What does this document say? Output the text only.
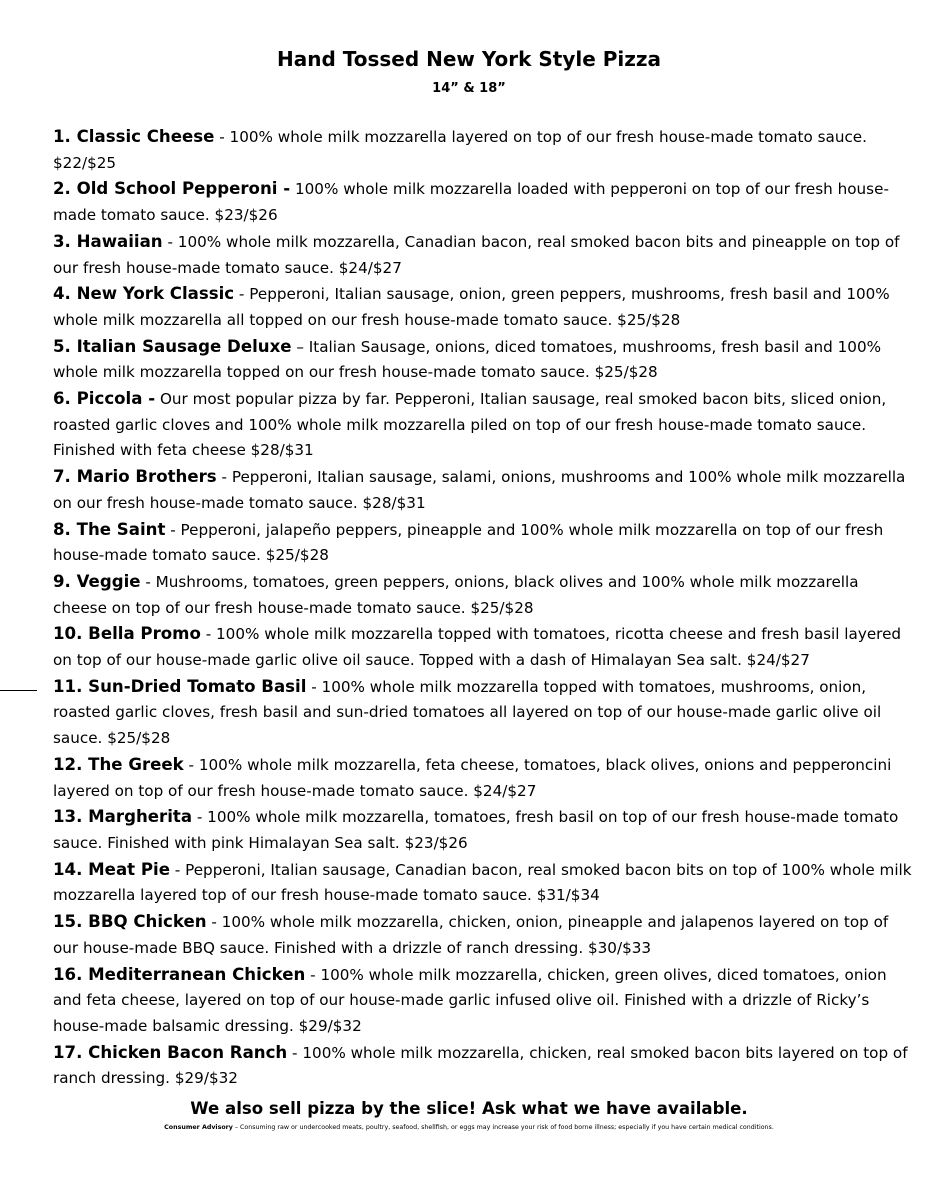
Hand Tossed New York Style Pizza
14” & 18”
1. Classic Cheese - 100% whole milk mozzarella layered on top of our fresh house-made tomato sauce. $22/$25
2. Old School Pepperoni - 100% whole milk mozzarella loaded with pepperoni on top of our fresh house-made tomato sauce. $23/$26
3. Hawaiian - 100% whole milk mozzarella, Canadian bacon, real smoked bacon bits and pineapple on top of our fresh house-made tomato sauce. $24/$27
4. New York Classic - Pepperoni, Italian sausage, onion, green peppers, mushrooms, fresh basil and 100% whole milk mozzarella all topped on our fresh house-made tomato sauce. $25/$28
5. Italian Sausage Deluxe – Italian Sausage, onions, diced tomatoes, mushrooms, fresh basil and 100% whole milk mozzarella topped on our fresh house-made tomato sauce. $25/$28
6. Piccola - Our most popular pizza by far. Pepperoni, Italian sausage, real smoked bacon bits, sliced onion, roasted garlic cloves and 100% whole milk mozzarella piled on top of our fresh house-made tomato sauce. Finished with feta cheese $28/$31
7. Mario Brothers - Pepperoni, Italian sausage, salami, onions, mushrooms and 100% whole milk mozzarella on our fresh house-made tomato sauce. $28/$31
8. The Saint - Pepperoni, jalapeño peppers, pineapple and 100% whole milk mozzarella on top of our fresh house-made tomato sauce. $25/$28
9. Veggie - Mushrooms, tomatoes, green peppers, onions, black olives and 100% whole milk mozzarella cheese on top of our fresh house-made tomato sauce. $25/$28
10. Bella Promo - 100% whole milk mozzarella topped with tomatoes, ricotta cheese and fresh basil layered on top of our house-made garlic olive oil sauce. Topped with a dash of Himalayan Sea salt. $24/$27
11. Sun-Dried Tomato Basil - 100% whole milk mozzarella topped with tomatoes, mushrooms, onion, roasted garlic cloves, fresh basil and sun-dried tomatoes all layered on top of our house-made garlic olive oil sauce. $25/$28
12. The Greek - 100% whole milk mozzarella, feta cheese, tomatoes, black olives, onions and pepperoncini layered on top of our fresh house-made tomato sauce. $24/$27
13. Margherita - 100% whole milk mozzarella, tomatoes, fresh basil on top of our fresh house-made tomato sauce. Finished with pink Himalayan Sea salt. $23/$26
14. Meat Pie - Pepperoni, Italian sausage, Canadian bacon, real smoked bacon bits on top of 100% whole milk mozzarella layered top of our fresh house-made tomato sauce. $31/$34
15. BBQ Chicken - 100% whole milk mozzarella, chicken, onion, pineapple and jalapenos layered on top of our house-made BBQ sauce. Finished with a drizzle of ranch dressing. $30/$33
16. Mediterranean Chicken - 100% whole milk mozzarella, chicken, green olives, diced tomatoes, onion and feta cheese, layered on top of our house-made garlic infused olive oil. Finished with a drizzle of Ricky’s house-made balsamic dressing. $29/$32
17. Chicken Bacon Ranch - 100% whole milk mozzarella, chicken, real smoked bacon bits layered on top of ranch dressing. $29/$32
We also sell pizza by the slice! Ask what we have available.
Consumer Advisory – Consuming raw or undercooked meats, poultry, seafood, shellfish, or eggs may increase your risk of food borne illness; especially if you have certain medical conditions.
